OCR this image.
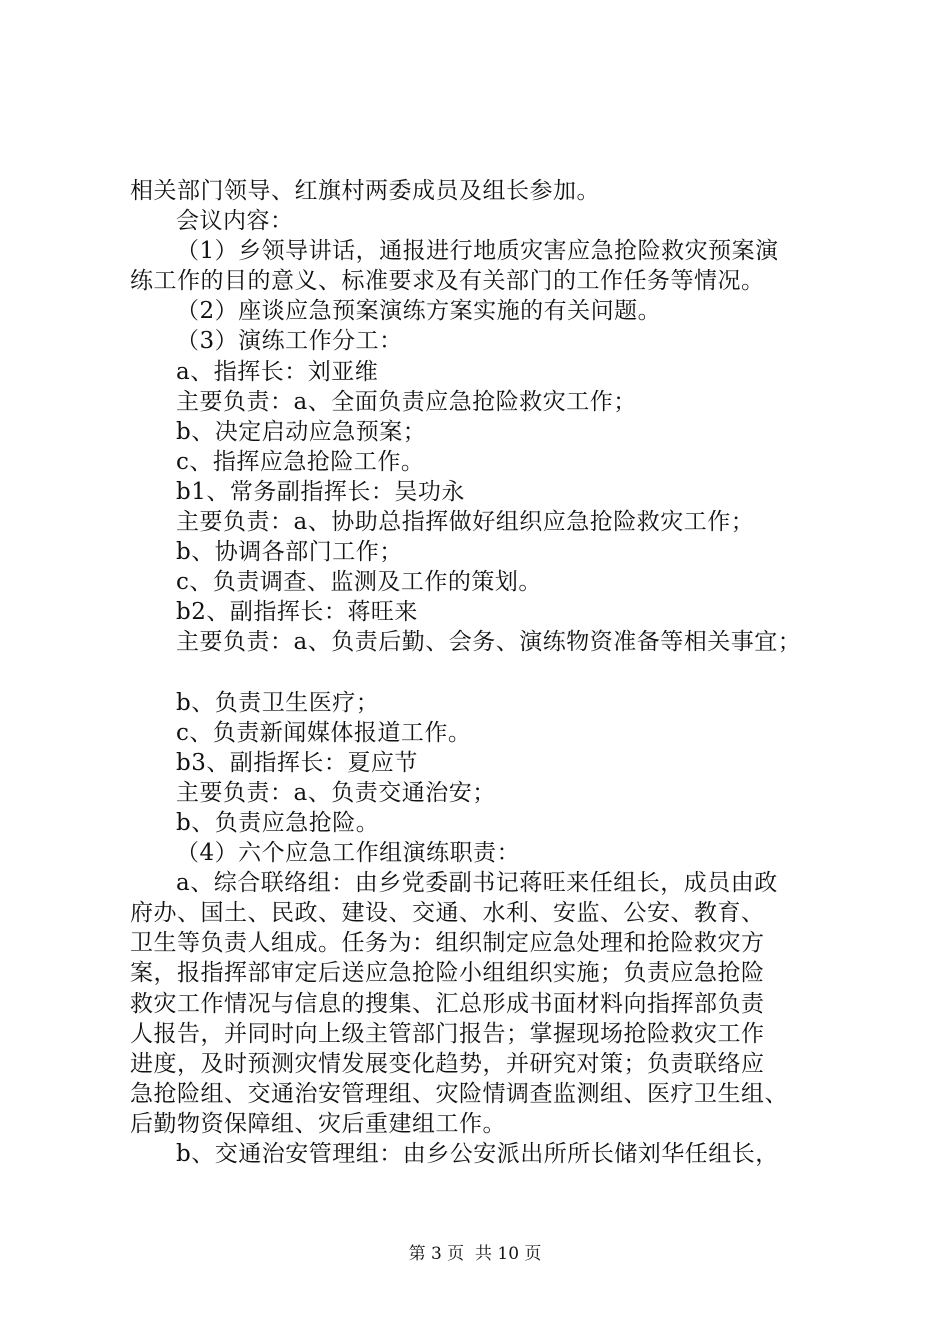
相关部门领导、红旗村两委成员及组长参加。
会议内容：
（1）乡领导讲话，通报进行地质灾害应急抢险救灾预案演
练工作的目的意义、标准要求及有关部门的工作任务等情况。
（2）座谈应急预案演练方案实施的有关问题。
（3）演练工作分工：
a、指挥长：刘亚维
主要负责：a、全面负责应急抢险救灾工作；
b、决定启动应急预案；
c、指挥应急抢险工作。
b1、常务副指挥长：吴功永
主要负责：a、协助总指挥做好组织应急抢险救灾工作；
b、协调各部门工作；
c、负责调查、监测及工作的策划。
b2、副指挥长：蒋旺来
主要负责：a、负责后勤、会务、演练物资准备等相关事宜；
b、负责卫生医疗；
c、负责新闻媒体报道工作。
b3、副指挥长：夏应节
主要负责：a、负责交通治安；
b、负责应急抢险。
（4）六个应急工作组演练职责：
a、综合联络组：由乡党委副书记蒋旺来任组长，成员由政
府办、国土、民政、建设、交通、水利、安监、公安、教育、
卫生等负责人组成。任务为：组织制定应急处理和抢险救灾方
案，报指挥部审定后送应急抢险小组组织实施；负责应急抢险
救灾工作情况与信息的搜集、汇总形成书面材料向指挥部负责
人报告，并同时向上级主管部门报告；掌握现场抢险救灾工作
进度，及时预测灾情发展变化趋势，并研究对策；负责联络应
急抢险组、交通治安管理组、灾险情调查监测组、医疗卫生组、
后勤物资保障组、灾后重建组工作。
b、交通治安管理组：由乡公安派出所所长储刘华任组长，
第 3 页  共 10 页
